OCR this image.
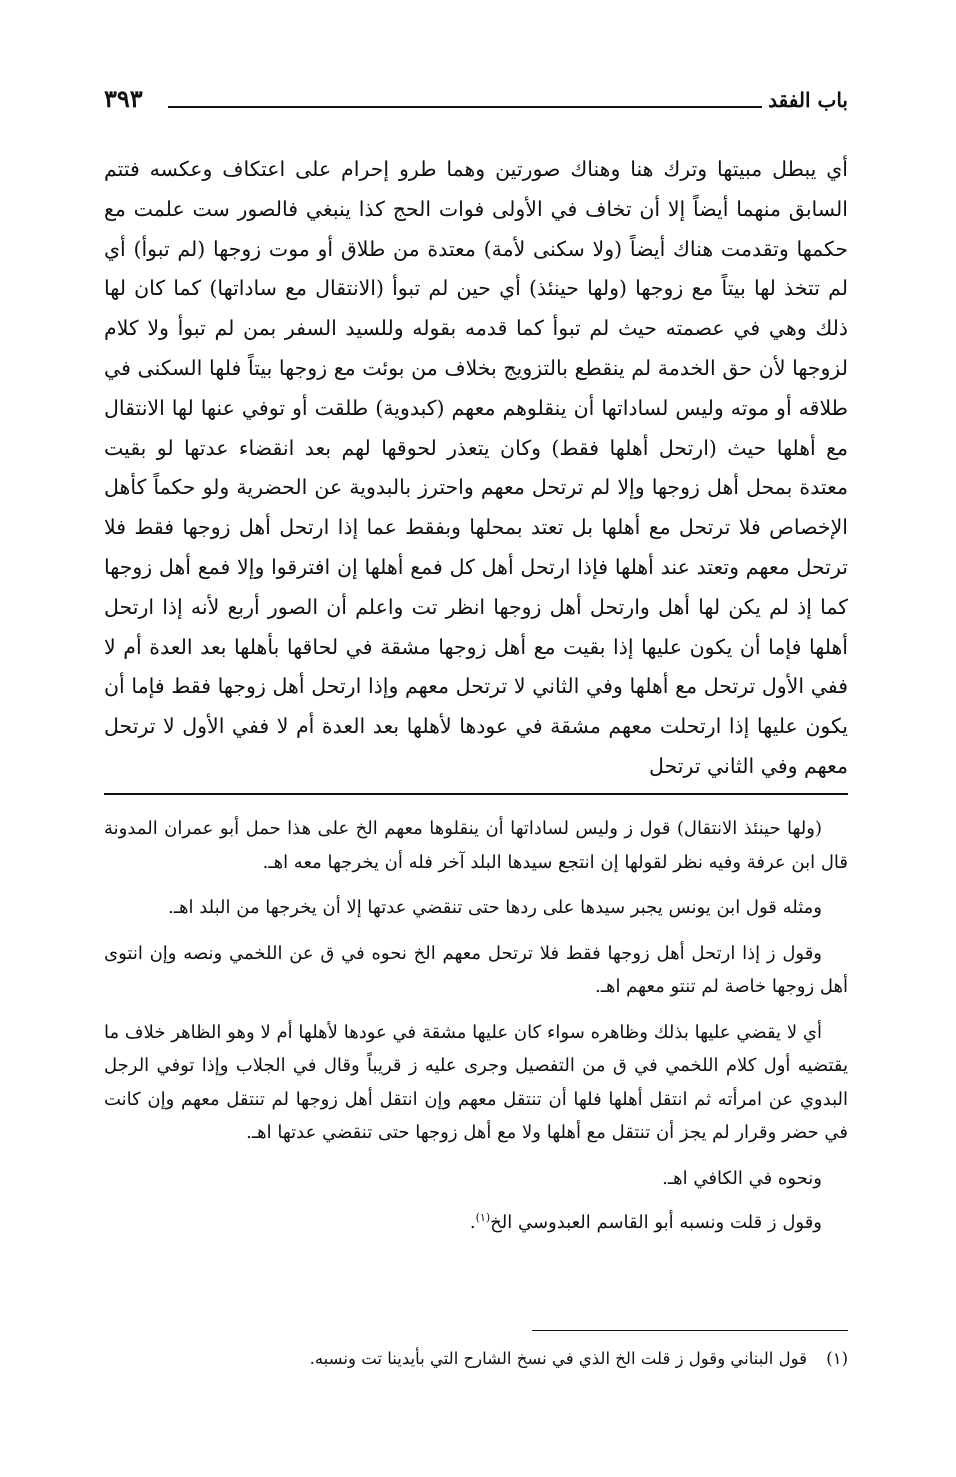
باب الفقد
٣٩٣

أي يبطل مبيتها وترك هنا وهناك صورتين وهما طرو إحرام على اعتكاف وعكسه فتتم السابق منهما أيضاً إلا أن تخاف في الأولى فوات الحج كذا ينبغي فالصور ست علمت مع حكمها وتقدمت هناك أيضاً (ولا سكنى لأمة) معتدة من طلاق أو موت زوجها (لم تبوأ) أي لم تتخذ لها بيتاً مع زوجها (ولها حينئذ) أي حين لم تبوأ (الانتقال مع ساداتها) كما كان لها ذلك وهي في عصمته حيث لم تبوأ كما قدمه بقوله وللسيد السفر بمن لم تبوأ ولا كلام لزوجها لأن حق الخدمة لم ينقطع بالتزويج بخلاف من بوئت مع زوجها بيتاً فلها السكنى في طلاقه أو موته وليس لساداتها أن ينقلوهم معهم (كبدوية) طلقت أو توفي عنها لها الانتقال مع أهلها حيث (ارتحل أهلها فقط) وكان يتعذر لحوقها لهم بعد انقضاء عدتها لو بقيت معتدة بمحل أهل زوجها وإلا لم ترتحل معهم واحترز بالبدوية عن الحضرية ولو حكماً كأهل الإخصاص فلا ترتحل مع أهلها بل تعتد بمحلها وبفقط عما إذا ارتحل أهل زوجها فقط فلا ترتحل معهم وتعتد عند أهلها فإذا ارتحل أهل كل فمع أهلها إن افترقوا وإلا فمع أهل زوجها كما إذ لم يكن لها أهل وارتحل أهل زوجها انظر تت واعلم أن الصور أربع لأنه إذا ارتحل أهلها فإما أن يكون عليها إذا بقيت مع أهل زوجها مشقة في لحاقها بأهلها بعد العدة أم لا ففي الأول ترتحل مع أهلها وفي الثاني لا ترتحل معهم وإذا ارتحل أهل زوجها فقط فإما أن يكون عليها إذا ارتحلت معهم مشقة في عودها لأهلها بعد العدة أم لا ففي الأول لا ترتحل معهم وفي الثاني ترتحل

(ولها حينئذ الانتقال) قول ز وليس لساداتها أن ينقلوها معهم الخ على هذا حمل أبو عمران المدونة قال ابن عرفة وفيه نظر لقولها إن انتجع سيدها البلد آخر فله أن يخرجها معه اهـ.

ومثله قول ابن يونس يجبر سيدها على ردها حتى تنقضي عدتها إلا أن يخرجها من البلد اهـ.

وقول ز إذا ارتحل أهل زوجها فقط فلا ترتحل معهم الخ نحوه في ق عن اللخمي ونصه وإن انتوى أهل زوجها خاصة لم تنتو معهم اهـ.

أي لا يقضي عليها بذلك وظاهره سواء كان عليها مشقة في عودها لأهلها أم لا وهو الظاهر خلاف ما يقتضيه أول كلام اللخمي في ق من التفصيل وجرى عليه ز قريباً وقال في الجلاب وإذا توفي الرجل البدوي عن امرأته ثم انتقل أهلها فلها أن تنتقل معهم وإن انتقل أهل زوجها لم تنتقل معهم وإن كانت في حضر وقرار لم يجز أن تنتقل مع أهلها ولا مع أهل زوجها حتى تنقضي عدتها اهـ.

ونحوه في الكافي اهـ.

وقول ز قلت ونسبه أبو القاسم العبدوسي الخ$^{(١)}$.

(١) قول البناني وقول ز قلت الخ الذي في نسخ الشارح التي بأيدينا تت ونسبه.
